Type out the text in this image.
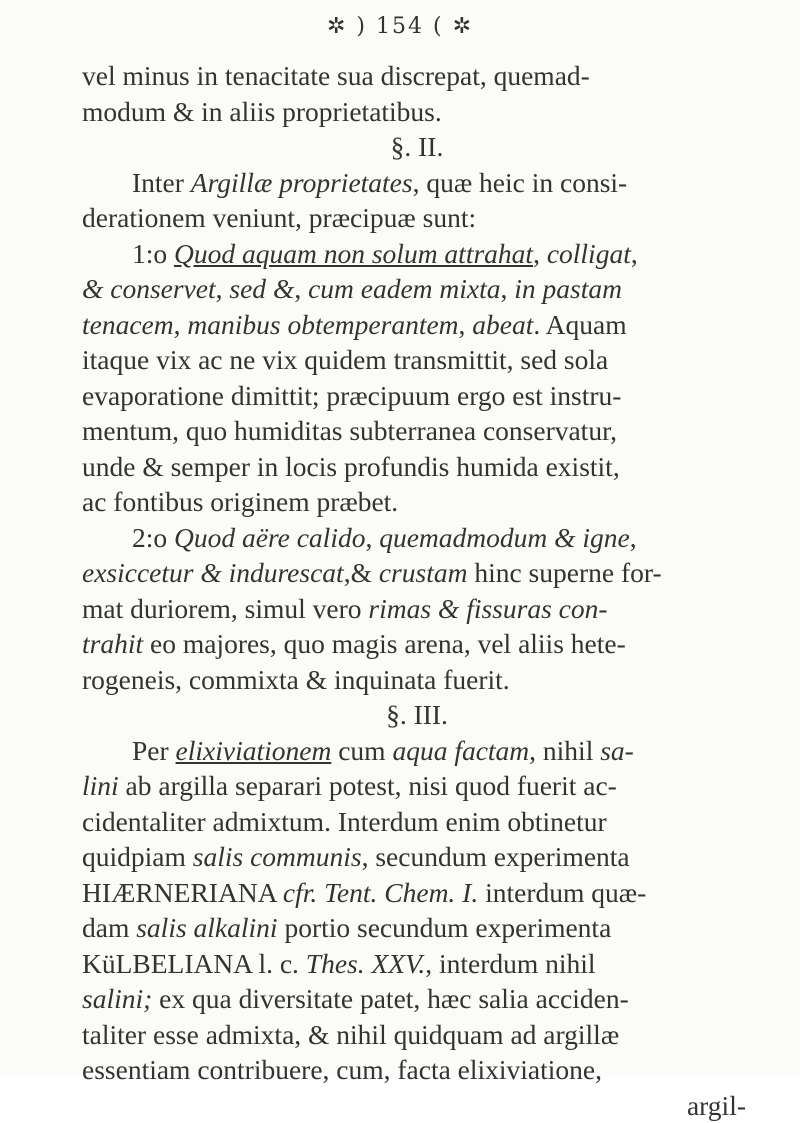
✲ ) 154 ( ✲
vel minus in tenacitate sua discrepat, quemad-
modum & in aliis proprietatibus.
§. II.
Inter Argillæ proprietates, quæ heic in consi-
derationem veniunt, præcipuæ sunt:
1:o Quod aquam non solum attrahat, colligat,
& conservet, sed &, cum eadem mixta, in pastam
tenacem, manibus obtemperantem, abeat. Aquam
itaque vix ac ne vix quidem transmittit, sed sola
evaporatione dimittit; præcipuum ergo est instru-
mentum, quo humiditas subterranea conservatur,
unde & semper in locis profundis humida existit,
ac fontibus originem præbet.
2:o Quod aëre calido, quemadmodum & igne,
exsiccetur & indurescat,& crustam hinc superne for-
mat duriorem, simul vero rimas & fissuras con-
trahit eo majores, quo magis arena, vel aliis hete-
rogeneis, commixta & inquinata fuerit.
§. III.
Per elixiviationem cum aqua factam, nihil sa-
lini ab argilla separari potest, nisi quod fuerit ac-
cidentaliter admixtum. Interdum enim obtinetur
quidpiam salis communis, secundum experimenta
HIÆRNERIANA cfr. Tent. Chem. I. interdum quæ-
dam salis alkalini portio secundum experimenta
KüLBELIANA l. c. Thes. XXV., interdum nihil
salini; ex qua diversitate patet, hæc salia acciden-
taliter esse admixta, & nihil quidquam ad argillæ
essentiam contribuere, cum, facta elixiviatione,
argil-
